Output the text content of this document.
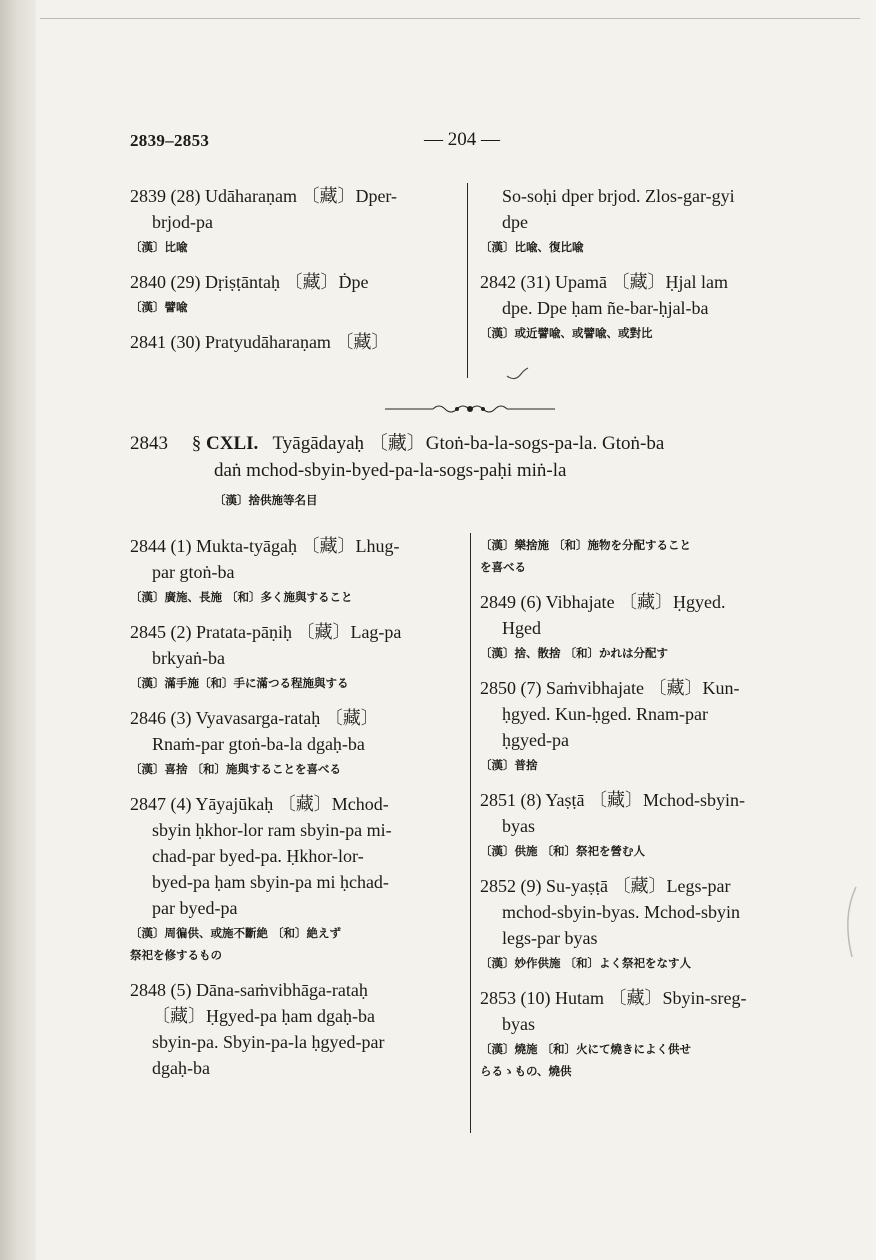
2839–2853	— 204 —
2839 (28) Udāharaṇam 〔藏〕Dper-
brjod-pa
〔漢〕比喩
2840 (29) Dṛiṣṭāntaḥ 〔藏〕Ḋpe
〔漢〕譬喩
2841 (30) Pratyudāharaṇam 〔藏〕
So-soḥi dper brjod. Zlos-gar-gyi
dpe
〔漢〕比喩、復比喩
2842 (31) Upamā 〔藏〕Ḥjal lam
dpe. Dpe ḥam ñe-bar-ḥjal-ba
〔漢〕或近譬喩、或譬喩、或對比
2843 § CXLI. Tyāgādayaḥ 〔藏〕Gtoṅ-ba-la-sogs-pa-la. Gtoṅ-ba
daṅ mchod-sbyin-byed-pa-la-sogs-paḥi miṅ-la
〔漢〕捨供施等名目
2844 (1) Mukta-tyāgaḥ 〔藏〕Lhug-
par gtoṅ-ba
〔漢〕廣施、長施 〔和〕多く施與すること
2845 (2) Pratata-pāṇiḥ 〔藏〕Lag-pa
brkyaṅ-ba
〔漢〕滿手施〔和〕手に滿つる程施與する
2846 (3) Vyavasarga-rataḥ 〔藏〕
Rnaṁ-par gtoṅ-ba-la dgaḥ-ba
〔漢〕喜捨 〔和〕施與することを喜べる
2847 (4) Yāyajūkaḥ 〔藏〕Mchod-
sbyin ḥkhor-lor ram sbyin-pa mi-
chad-par byed-pa. Ḥkhor-lor-
byed-pa ḥam sbyin-pa mi ḥchad-
par byed-pa
〔漢〕周徧供、或施不斷絶 〔和〕絶えず
祭祀を修するもの
2848 (5) Dāna-saṁvibhāga-rataḥ
〔藏〕Ḥgyed-pa ḥam dgaḥ-ba
sbyin-pa. Sbyin-pa-la ḥgyed-par
dgaḥ-ba
〔漢〕樂捨施 〔和〕施物を分配すること
を喜べる
2849 (6) Vibhajate 〔藏〕Ḥgyed.
Hged
〔漢〕捨、散捨 〔和〕かれは分配す
2850 (7) Saṁvibhajate 〔藏〕Kun-
ḥgyed. Kun-ḥged. Rnam-par
ḥgyed-pa
〔漢〕普捨
2851 (8) Yaṣṭā 〔藏〕Mchod-sbyin-
byas
〔漢〕供施 〔和〕祭祀を營む人
2852 (9) Su-yaṣṭā 〔藏〕Legs-par
mchod-sbyin-byas. Mchod-sbyin
legs-par byas
〔漢〕妙作供施 〔和〕よく祭祀をなす人
2853 (10) Hutam 〔藏〕Sbyin-sreg-
byas
〔漢〕燒施 〔和〕火にて燒きによく供せ
らるゝもの、燒供
